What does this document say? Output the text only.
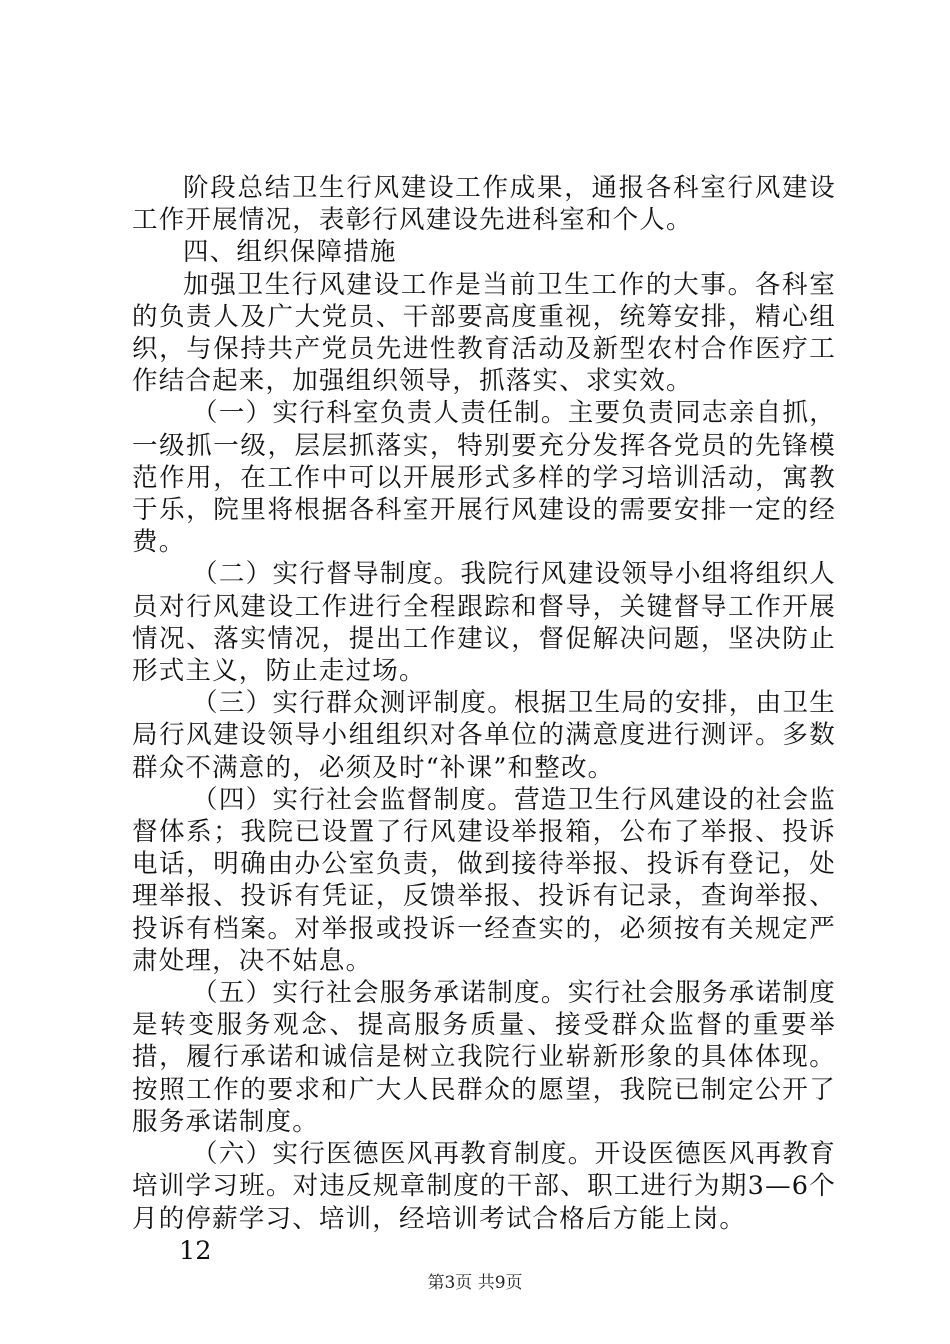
阶段总结卫生行风建设工作成果，通报各科室行风建设工作开展情况，表彰行风建设先进科室和个人。

四、组织保障措施

加强卫生行风建设工作是当前卫生工作的大事。各科室的负责人及广大党员、干部要高度重视，统筹安排，精心组织，与保持共产党员先进性教育活动及新型农村合作医疗工作结合起来，加强组织领导，抓落实、求实效。

（一）实行科室负责人责任制。主要负责同志亲自抓，一级抓一级，层层抓落实，特别要充分发挥各党员的先锋模范作用，在工作中可以开展形式多样的学习培训活动，寓教于乐，院里将根据各科室开展行风建设的需要安排一定的经费。

（二）实行督导制度。我院行风建设领导小组将组织人员对行风建设工作进行全程跟踪和督导，关键督导工作开展情况、落实情况，提出工作建议，督促解决问题，坚决防止形式主义，防止走过场。

（三）实行群众测评制度。根据卫生局的安排，由卫生局行风建设领导小组组织对各单位的满意度进行测评。多数群众不满意的，必须及时“补课”和整改。

（四）实行社会监督制度。营造卫生行风建设的社会监督体系；我院已设置了行风建设举报箱，公布了举报、投诉电话，明确由办公室负责，做到接待举报、投诉有登记，处理举报、投诉有凭证，反馈举报、投诉有记录，查询举报、投诉有档案。对举报或投诉一经查实的，必须按有关规定严肃处理，决不姑息。

（五）实行社会服务承诺制度。实行社会服务承诺制度是转变服务观念、提高服务质量、接受群众监督的重要举措，履行承诺和诚信是树立我院行业崭新形象的具体体现。按照工作的要求和广大人民群众的愿望，我院已制定公开了服务承诺制度。

（六）实行医德医风再教育制度。开设医德医风再教育培训学习班。对违反规章制度的干部、职工进行为期3—6个月的停薪学习、培训，经培训考试合格后方能上岗。

12

第3页 共9页
